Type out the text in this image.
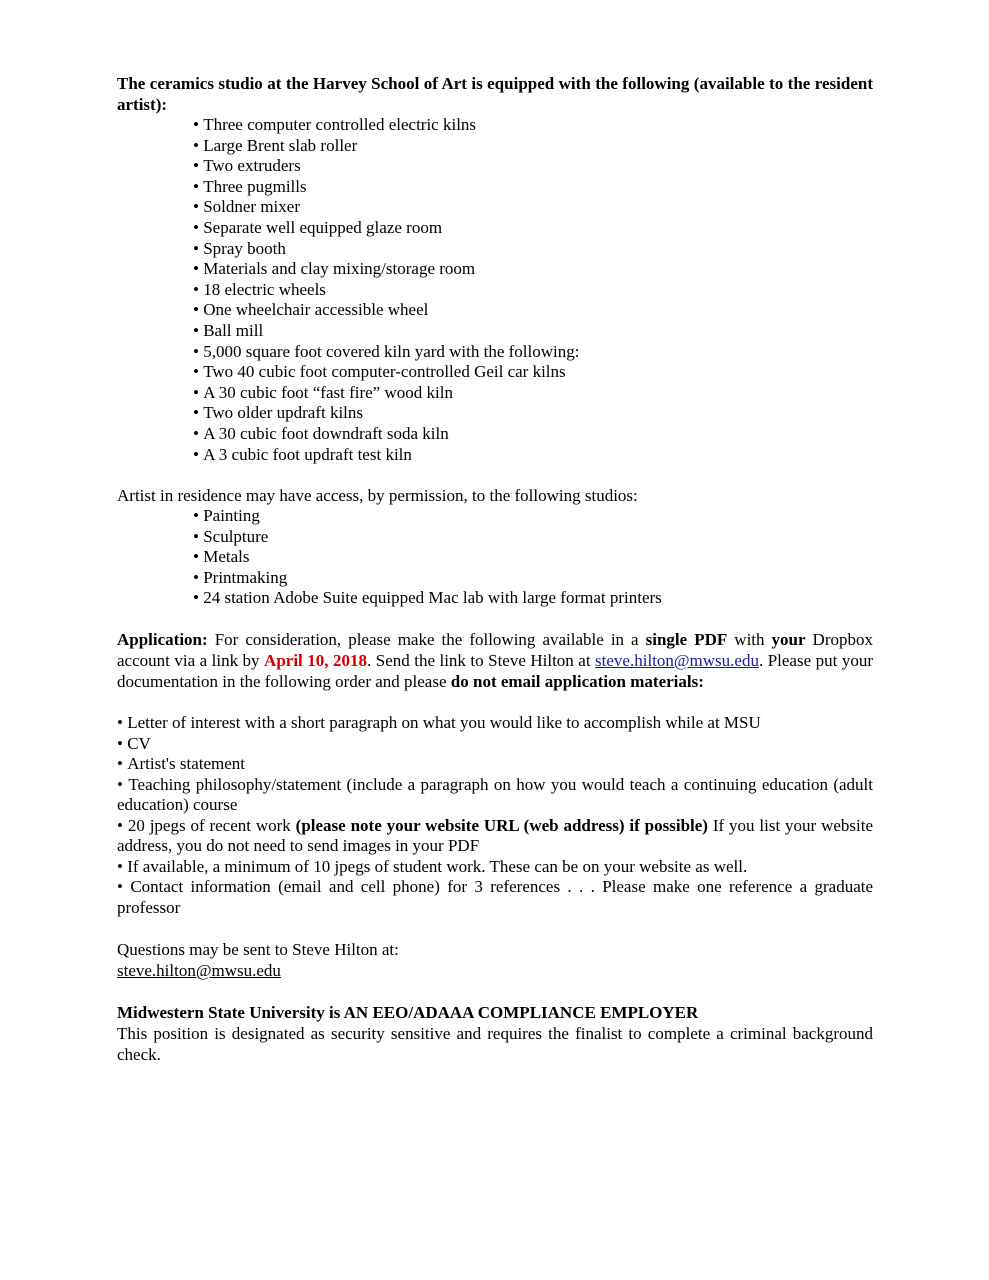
The ceramics studio at the Harvey School of Art is equipped with the following (available to the resident artist):

• Three computer controlled electric kilns
• Large Brent slab roller
• Two extruders
• Three pugmills
• Soldner mixer
• Separate well equipped glaze room
• Spray booth
• Materials and clay mixing/storage room
• 18 electric wheels
• One wheelchair accessible wheel
• Ball mill
• 5,000 square foot covered kiln yard with the following:
• Two 40 cubic foot computer-controlled Geil car kilns
• A 30 cubic foot “fast fire” wood kiln
• Two older updraft kilns
• A 30 cubic foot downdraft soda kiln
• A 3 cubic foot updraft test kiln

Artist in residence may have access, by permission, to the following studios:

• Painting
• Sculpture
• Metals
• Printmaking
• 24 station Adobe Suite equipped Mac lab with large format printers

Application: For consideration, please make the following available in a single PDF with your Dropbox account via a link by April 10, 2018. Send the link to Steve Hilton at steve.hilton@mwsu.edu. Please put your documentation in the following order and please do not email application materials:

• Letter of interest with a short paragraph on what you would like to accomplish while at MSU
• CV
• Artist's statement
• Teaching philosophy/statement (include a paragraph on how you would teach a continuing education (adult education) course
• 20 jpegs of recent work (please note your website URL (web address) if possible) If you list your website address, you do not need to send images in your PDF
• If available, a minimum of 10 jpegs of student work. These can be on your website as well.
• Contact information (email and cell phone) for 3 references . . . Please make one reference a graduate professor

Questions may be sent to Steve Hilton at:

steve.hilton@mwsu.edu

Midwestern State University is AN EEO/ADAAA COMPLIANCE EMPLOYER

This position is designated as security sensitive and requires the finalist to complete a criminal background check.
